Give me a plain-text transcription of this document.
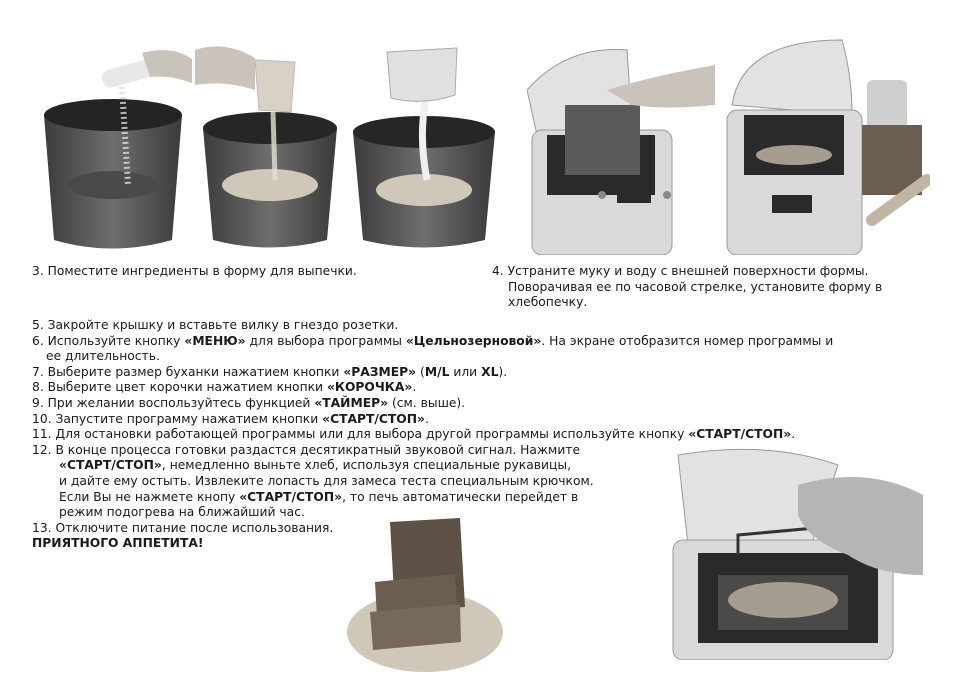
3. Поместите ингредиенты в форму для выпечки.	4. Устраните муку и воду с внешней поверхности формы.
Поворачивая ее по часовой стрелке, установите форму в
хлебопечку.
5. Закройте крышку и вставьте вилку в гнездо розетки.
6. Используйте кнопку «МЕНЮ» для выбора программы «Цельнозерновой». На экране отобразится номер программы и
ее длительность.
7. Выберите размер буханки нажатием кнопки «РАЗМЕР» (M/L или XL).
8. Выберите цвет корочки нажатием кнопки «КОРОЧКА».
9. При желании воспользуйтесь функцией «ТАЙМЕР» (см. выше).
10. Запустите программу нажатием кнопки «СТАРТ/СТОП».
11. Для остановки работающей программы или для выбора другой программы используйте кнопку «СТАРТ/СТОП».
12. В конце процесса готовки раздастся десятикратный звуковой сигнал. Нажмите
«СТАРТ/СТОП», немедленно выньте хлеб, используя специальные рукавицы,
и дайте ему остыть. Извлеките лопасть для замеса теста специальным крючком.
Если Вы не нажмете кнопу «СТАРТ/СТОП», то печь автоматически перейдет в
режим подогрева на ближайший час.
13. Отключите питание после использования.
ПРИЯТНОГО АППЕТИТА!
